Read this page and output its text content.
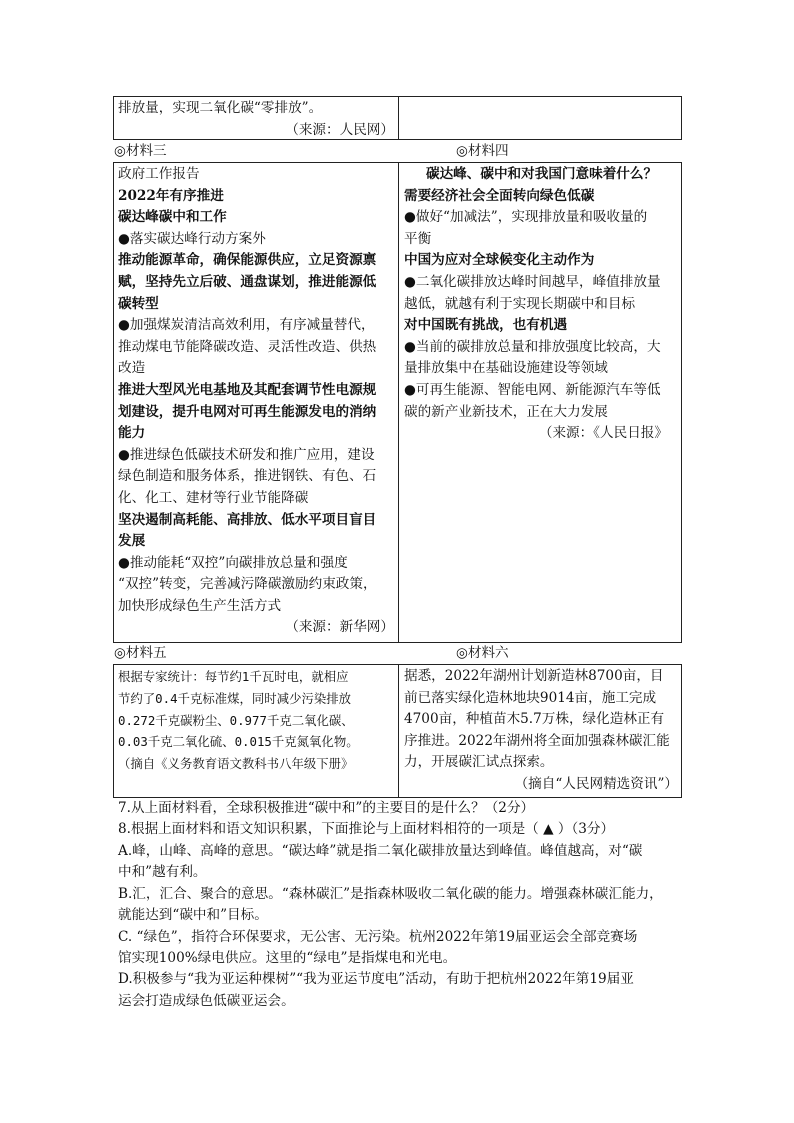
排放量，实现二氧化碳“零排放”。

（来源：人民网）

◎材料三	◎材料四

政府工作报告

2022年有序推进

碳达峰碳中和工作

●落实碳达峰行动方案外

推动能源革命，确保能源供应，立足资源禀

赋，坚持先立后破、通盘谋划，推进能源低

碳转型

●加强煤炭清洁高效利用，有序减量替代，

推动煤电节能降碳改造、灵活性改造、供热

改造

推进大型风光电基地及其配套调节性电源规

划建设，提升电网对可再生能源发电的消纳

能力

●推进绿色低碳技术研发和推广应用，建设

绿色制造和服务体系，推进钢铁、有色、石

化、化工、建材等行业节能降碳

坚决遏制高耗能、高排放、低水平项目盲目

发展

●推动能耗“双控”向碳排放总量和强度

“双控”转变，完善减污降碳激励约束政策，

加快形成绿色生产生活方式

（来源：新华网）

碳达峰、碳中和对我国门意味着什么？

需要经济社会全面转向绿色低碳

●做好“加减法”，实现排放量和吸收量的

平衡

中国为应对全球候变化主动作为

●二氧化碳排放达峰时间越早，峰值排放量

越低，就越有利于实现长期碳中和目标

对中国既有挑战，也有机遇

●当前的碳排放总量和排放强度比较高，大

量排放集中在基础设施建设等领域

●可再生能源、智能电网、新能源汽车等低

碳的新产业新技术，正在大力发展

（来源：《人民日报》

◎材料五	◎材料六

根据专家统计：每节约1千瓦时电，就相应

节约了0.4千克标准煤，同时减少污染排放

0.272千克碳粉尘、0.977千克二氧化碳、

0.03千克二氧化硫、0.015千克氮氧化物。

（摘自《义务教育语文教科书八年级下册》

据悉，2022年湖州计划新造林8700亩，目

前已落实绿化造林地块9014亩，施工完成

4700亩，种植苗木5.7万株，绿化造林正有

序推进。2022年湖州将全面加强森林碳汇能

力，开展碳汇试点探索。

（摘自“人民网精选资讯”）

7.从上面材料看，全球积极推进“碳中和”的主要目的是什么？（2分）

8.根据上面材料和语文知识积累，下面推论与上面材料相符的一项是（ ▲ ）（3分）

A.峰，山峰、高峰的意思。“碳达峰”就是指二氧化碳排放量达到峰值。峰值越高，对“碳

中和”越有利。

B.汇，汇合、聚合的意思。“森林碳汇”是指森林吸收二氧化碳的能力。增强森林碳汇能力，

就能达到“碳中和”目标。

C. “绿色”，指符合环保要求，无公害、无污染。杭州2022年第19届亚运会全部竞赛场

馆实现100%绿电供应。这里的“绿电”是指煤电和光电。

D.积极参与“我为亚运种棵树”“我为亚运节度电”活动，有助于把杭州2022年第19届亚

运会打造成绿色低碳亚运会。
